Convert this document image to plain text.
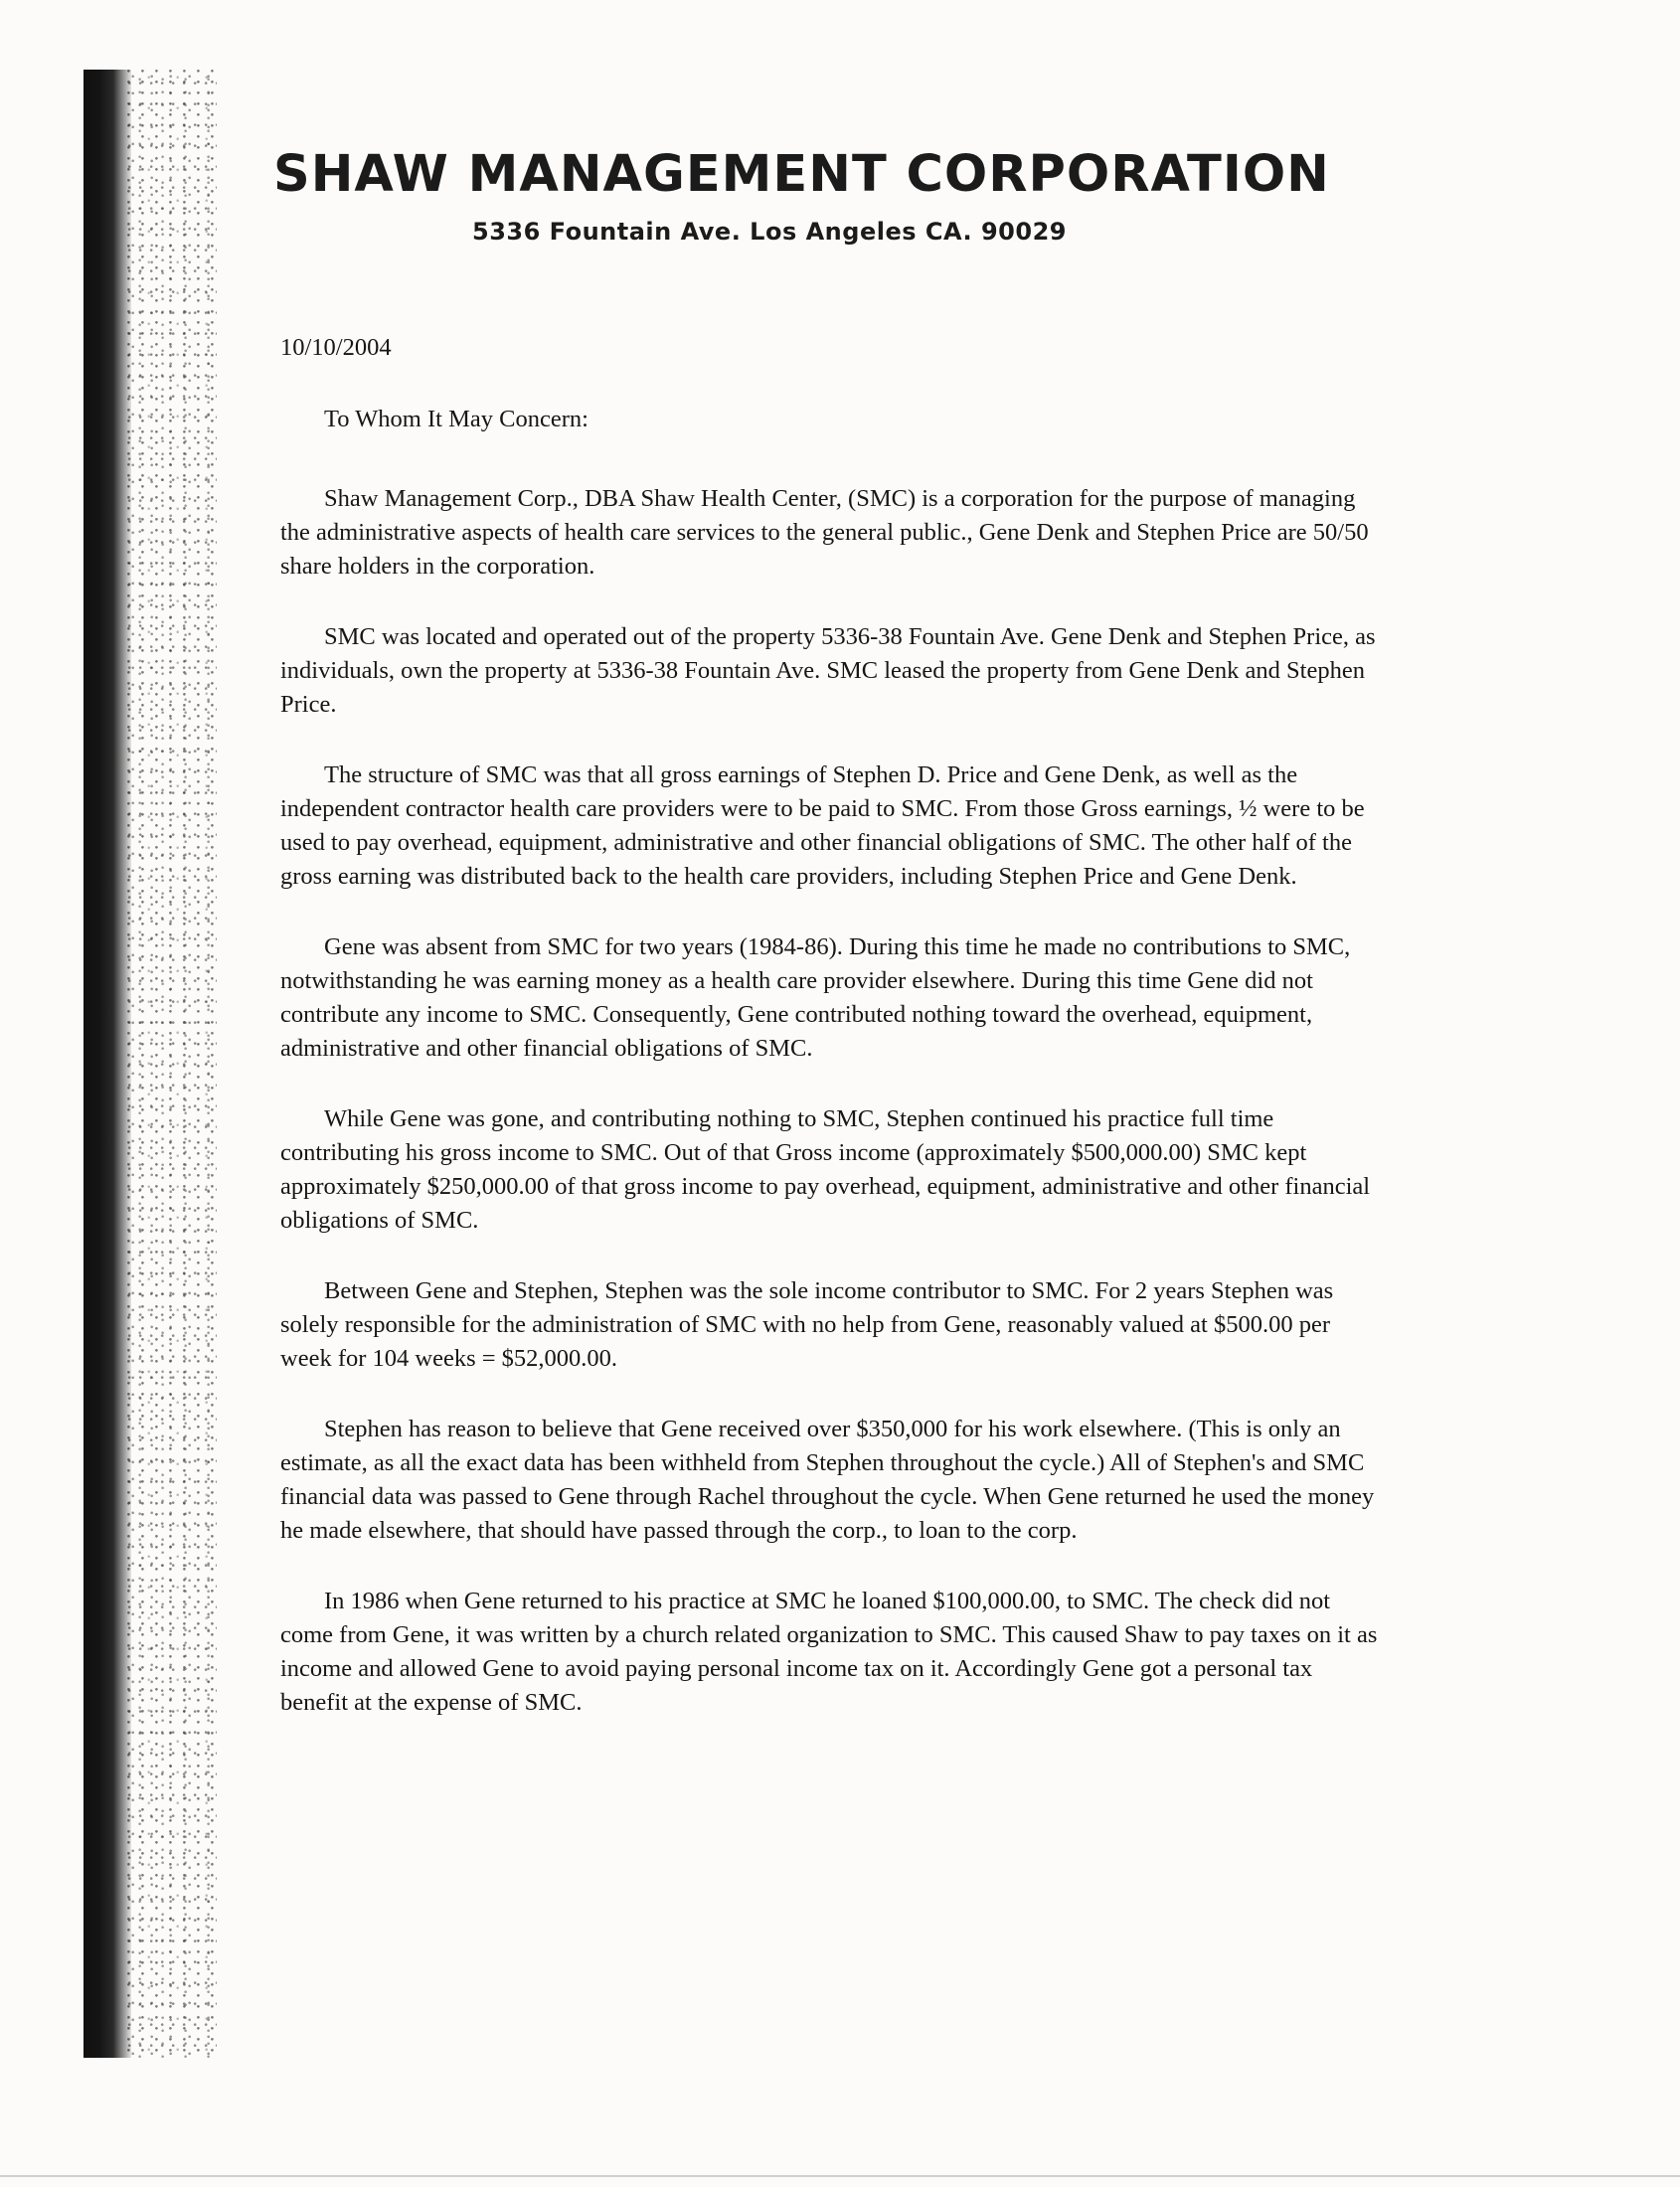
SHAW MANAGEMENT CORPORATION
5336 Fountain Ave. Los Angeles CA. 90029

10/10/2004

To Whom It May Concern:

Shaw Management Corp., DBA Shaw Health Center, (SMC) is a corporation for the purpose of managing the administrative aspects of health care services to the general public., Gene Denk and Stephen Price are 50/50 share holders in the corporation.

SMC was located and operated out of the property 5336-38 Fountain Ave. Gene Denk and Stephen Price, as individuals, own the property at 5336-38 Fountain Ave. SMC leased the property from Gene Denk and Stephen Price.

The structure of SMC was that all gross earnings of Stephen D. Price and Gene Denk, as well as the independent contractor health care providers were to be paid to SMC. From those Gross earnings, ½ were to be used to pay overhead, equipment, administrative and other financial obligations of SMC. The other half of the gross earning was distributed back to the health care providers, including Stephen Price and Gene Denk.

Gene was absent from SMC for two years (1984-86). During this time he made no contributions to SMC, notwithstanding he was earning money as a health care provider elsewhere. During this time Gene did not contribute any income to SMC. Consequently, Gene contributed nothing toward the overhead, equipment, administrative and other financial obligations of SMC.

While Gene was gone, and contributing nothing to SMC, Stephen continued his practice full time contributing his gross income to SMC. Out of that Gross income (approximately $500,000.00) SMC kept approximately $250,000.00 of that gross income to pay overhead, equipment, administrative and other financial obligations of SMC.

Between Gene and Stephen, Stephen was the sole income contributor to SMC. For 2 years Stephen was solely responsible for the administration of SMC with no help from Gene, reasonably valued at $500.00 per week for 104 weeks = $52,000.00.

Stephen has reason to believe that Gene received over $350,000 for his work elsewhere. (This is only an estimate, as all the exact data has been withheld from Stephen throughout the cycle.) All of Stephen's and SMC financial data was passed to Gene through Rachel throughout the cycle. When Gene returned he used the money he made elsewhere, that should have passed through the corp., to loan to the corp.

In 1986 when Gene returned to his practice at SMC he loaned $100,000.00, to SMC. The check did not come from Gene, it was written by a church related organization to SMC. This caused Shaw to pay taxes on it as income and allowed Gene to avoid paying personal income tax on it. Accordingly Gene got a personal tax benefit at the expense of SMC.
